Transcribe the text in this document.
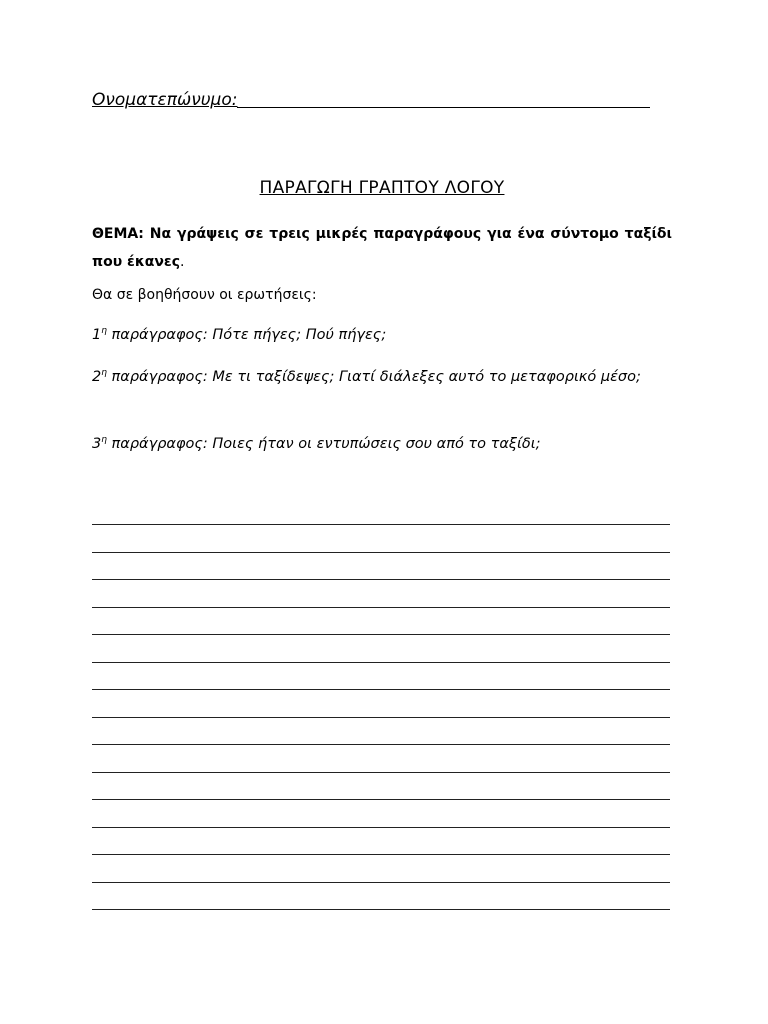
Ονοματεπώνυμο:
ΠΑΡΑΓΩΓΗ ΓΡΑΠΤΟΥ ΛΟΓΟΥ
ΘΕΜΑ: Να γράψεις σε τρεις μικρές παραγράφους για ένα σύντομο ταξίδι που έκανες.
Θα σε βοηθήσουν οι ερωτήσεις:
$1^\eta$ παράγραφος: Πότε πήγες; Πού πήγες;
$2^\eta$ παράγραφος: Με τι ταξίδεψες; Γιατί διάλεξες αυτό το μεταφορικό μέσο;
$3^\eta$ παράγραφος: Ποιες ήταν οι εντυπώσεις σου από το ταξίδι;
